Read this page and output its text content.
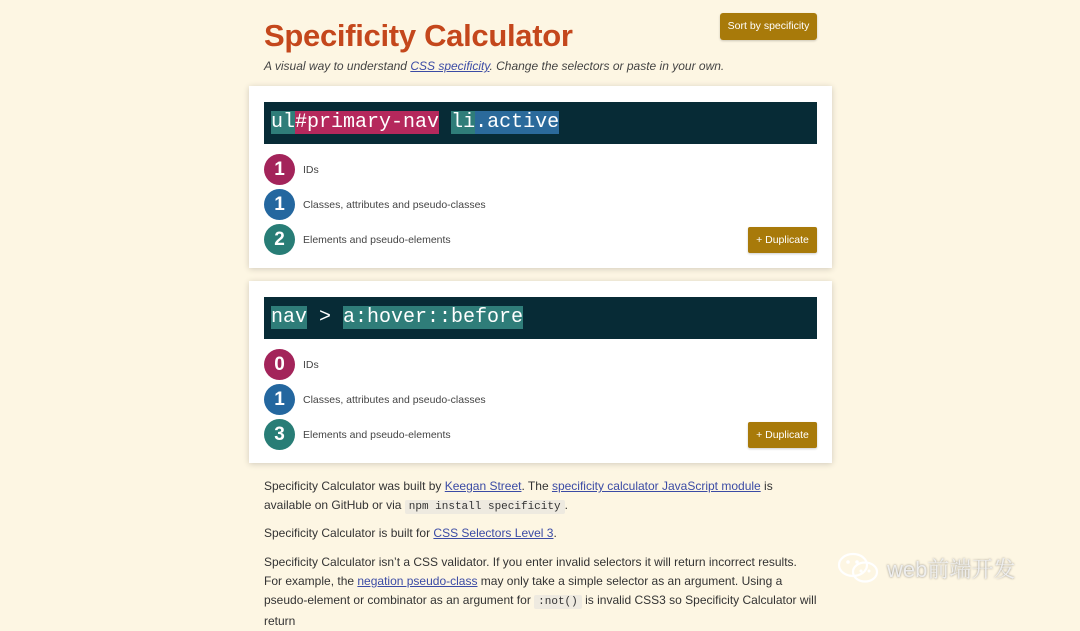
Specificity Calculator

A visual way to understand CSS specificity. Change the selectors or paste in your own.

Sort by specificity
ul#primary-nav li.active
1	IDs
1	Classes, attributes and pseudo-classes
2	Elements and pseudo-elements	+ Duplicate
nav > a:hover::before
0	IDs
1	Classes, attributes and pseudo-classes
3	Elements and pseudo-elements	+ Duplicate

Specificity Calculator was built by Keegan Street. The specificity calculator JavaScript module is available on GitHub or via npm install specificity .

Specificity Calculator is built for CSS Selectors Level 3.

Specificity Calculator isn’t a CSS validator. If you enter invalid selectors it will return incorrect results. For example, the negation pseudo-class may only take a simple selector as an argument. Using a pseudo-element or combinator as an argument for :not() is invalid CSS3 so Specificity Calculator will return

web前端开发
